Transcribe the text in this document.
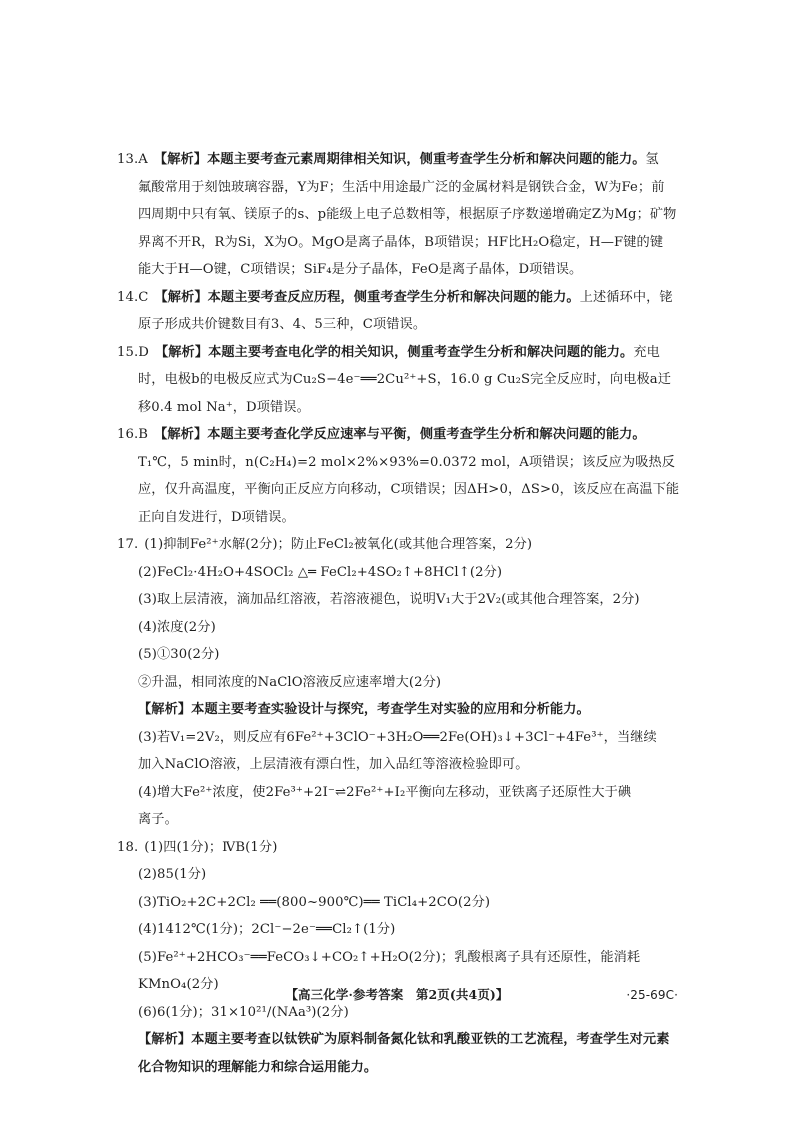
13.A 【解析】本题主要考查元素周期律相关知识，侧重考查学生分析和解决问题的能力。氢
氟酸常用于刻蚀玻璃容器，Y为F；生活中用途最广泛的金属材料是钢铁合金，W为Fe；前
四周期中只有氧、镁原子的s、p能级上电子总数相等，根据原子序数递增确定Z为Mg；矿物
界离不开R，R为Si，X为O。MgO是离子晶体，B项错误；HF比H₂O稳定，H—F键的键
能大于H—O键，C项错误；SiF₄是分子晶体，FeO是离子晶体，D项错误。
14.C 【解析】本题主要考查反应历程，侧重考查学生分析和解决问题的能力。上述循环中，铑
原子形成共价键数目有3、4、5三种，C项错误。
15.D 【解析】本题主要考查电化学的相关知识，侧重考查学生分析和解决问题的能力。充电
时，电极b的电极反应式为Cu₂S−4e⁻══2Cu²⁺+S，16.0 g Cu₂S完全反应时，向电极a迁
移0.4 mol Na⁺，D项错误。
16.B 【解析】本题主要考查化学反应速率与平衡，侧重考查学生分析和解决问题的能力。
T₁℃，5 min时，n(C₂H₄)=2 mol×2%×93%=0.0372 mol，A项错误；该反应为吸热反
应，仅升高温度，平衡向正反应方向移动，C项错误；因ΔH>0，ΔS>0，该反应在高温下能
正向自发进行，D项错误。
17. (1)抑制Fe²⁺水解(2分)；防止FeCl₂被氧化(或其他合理答案，2分)
(2)FeCl₂·4H₂O+4SOCl₂ △═ FeCl₂+4SO₂↑+8HCl↑(2分)
(3)取上层清液，滴加品红溶液，若溶液褪色，说明V₁大于2V₂(或其他合理答案，2分)
(4)浓度(2分)
(5)①30(2分)
②升温，相同浓度的NaClO溶液反应速率增大(2分)
【解析】本题主要考查实验设计与探究，考查学生对实验的应用和分析能力。
(3)若V₁=2V₂，则反应有6Fe²⁺+3ClO⁻+3H₂O══2Fe(OH)₃↓+3Cl⁻+4Fe³⁺，当继续
加入NaClO溶液，上层清液有漂白性，加入品红等溶液检验即可。
(4)增大Fe²⁺浓度，使2Fe³⁺+2I⁻⇌2Fe²⁺+I₂平衡向左移动，亚铁离子还原性大于碘
离子。
18. (1)四(1分)；ⅣB(1分)
(2)85(1分)
(3)TiO₂+2C+2Cl₂ ══(800~900℃)══ TiCl₄+2CO(2分)
(4)1412℃(1分)；2Cl⁻−2e⁻══Cl₂↑(1分)
(5)Fe²⁺+2HCO₃⁻══FeCO₃↓+CO₂↑+H₂O(2分)；乳酸根离子具有还原性，能消耗
KMnO₄(2分)
(6)6(1分)；31×10²¹/(NAa³)(2分)
【解析】本题主要考查以钛铁矿为原料制备氮化钛和乳酸亚铁的工艺流程，考查学生对元素
化合物知识的理解能力和综合运用能力。
【高三化学·参考答案　第2页(共4页)】	·25-69C·
